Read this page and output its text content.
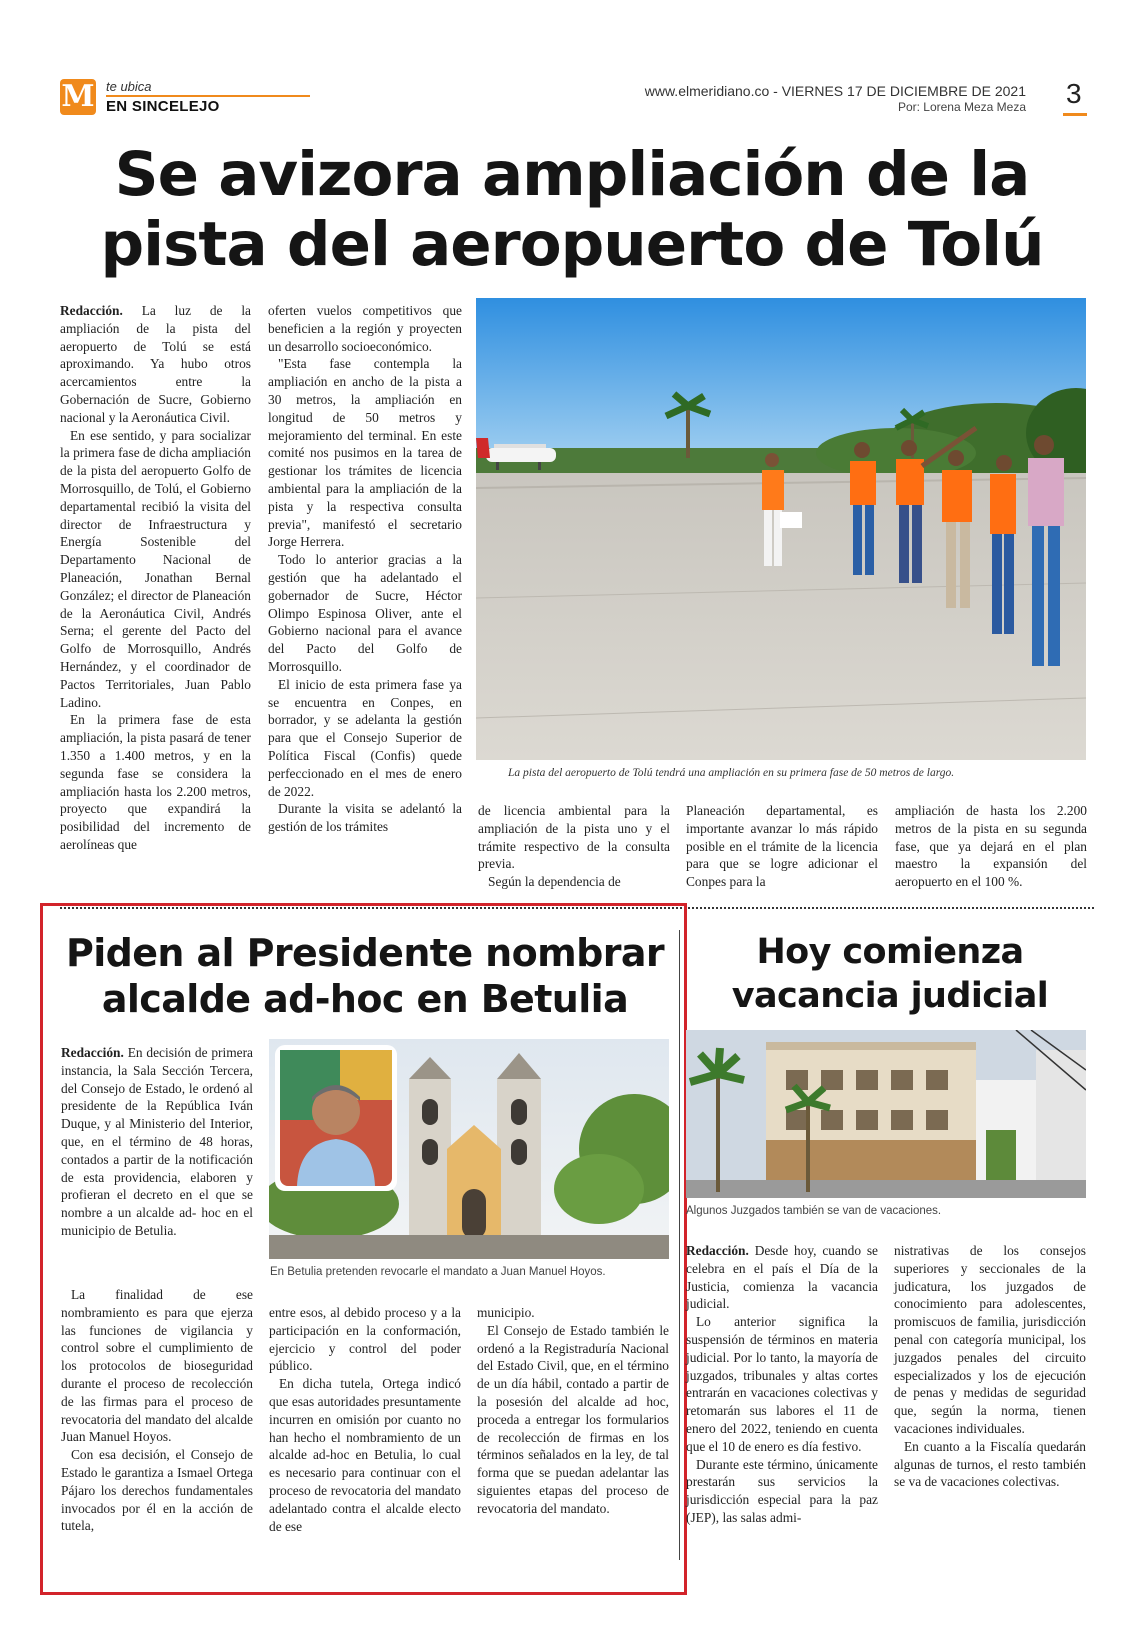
M te ubica
EN SINCELEJO
www.elmeridiano.co - VIERNES 17 DE DICIEMBRE DE 2021
Por: Lorena Meza Meza 3
Se avizora ampliación de la
pista del aeropuerto de Tolú

Redacción. La luz de la ampliación de la pista del aeropuerto de Tolú se está aproximando. Ya hubo otros acercamientos entre la Gobernación de Sucre, Gobierno nacional y la Aeronáutica Civil.

En ese sentido, y para socializar la primera fase de dicha ampliación de la pista del aeropuerto Golfo de Morrosquillo, de Tolú, el Gobierno departamental recibió la visita del director de Infraestructura y Energía Sostenible del Departamento Nacional de Planeación, Jonathan Bernal González; el director de Planeación de la Aeronáutica Civil, Andrés Serna; el gerente del Pacto del Golfo de Morrosquillo, Andrés Hernández, y el coordinador de Pactos Territoriales, Juan Pablo Ladino.

En la primera fase de esta ampliación, la pista pasará de tener 1.350 a 1.400 metros, y en la segunda fase se considera la ampliación hasta los 2.200 metros, proyecto que expandirá la posibilidad del incremento de aerolíneas que

oferten vuelos competitivos que beneficien a la región y proyecten un desarrollo socioeconómico.

"Esta fase contempla la ampliación en ancho de la pista a 30 metros, la ampliación en longitud de 50 metros y mejoramiento del terminal. En este comité nos pusimos en la tarea de gestionar los trámites de licencia ambiental para la ampliación de la pista y la respectiva consulta previa", manifestó el secretario Jorge Herrera.

Todo lo anterior gracias a la gestión que ha adelantado el gobernador de Sucre, Héctor Olimpo Espinosa Oliver, ante el Gobierno nacional para el avance del Pacto del Golfo de Morrosquillo.

El inicio de esta primera fase ya se encuentra en Conpes, en borrador, y se adelanta la gestión para que el Consejo Superior de Política Fiscal (Confis) quede perfeccionado en el mes de enero de 2022.

Durante la visita se adelantó la gestión de los trámites

La pista del aeropuerto de Tolú tendrá una ampliación en su primera fase de 50 metros de largo.

de licencia ambiental para la ampliación de la pista uno y el trámite respectivo de la consulta previa.

Según la dependencia de

Planeación departamental, es importante avanzar lo más rápido posible en el trámite de la licencia para que se logre adicionar el Conpes para la

ampliación de hasta los 2.200 metros de la pista en su segunda fase, que ya dejará en el plan maestro la expansión del aeropuerto en el 100 %.

Piden al Presidente nombrar
alcalde ad-hoc en Betulia

Redacción. En decisión de primera instancia, la Sala Sección Tercera, del Consejo de Estado, le ordenó al presidente de la República Iván Duque, y al Ministerio del Interior, que, en el término de 48 horas, contados a partir de la notificación de esta providencia, elaboren y profieran el decreto en el que se nombre a un alcalde ad- hoc en el municipio de Betulia.

En Betulia pretenden revocarle el mandato a Juan Manuel Hoyos.

La finalidad de ese nombramiento es para que ejerza las funciones de vigilancia y control sobre el cumplimiento de los protocolos de bioseguridad durante el proceso de recolección de las firmas para el proceso de revocatoria del mandato del alcalde Juan Manuel Hoyos.

Con esa decisión, el Consejo de Estado le garantiza a Ismael Ortega Pájaro los derechos fundamentales invocados por él en la acción de tutela,

entre esos, al debido proceso y a la participación en la conformación, ejercicio y control del poder público.

En dicha tutela, Ortega indicó que esas autoridades presuntamente incurren en omisión por cuanto no han hecho el nombramiento de un alcalde ad-hoc en Betulia, lo cual es necesario para continuar con el proceso de revocatoria del mandato adelantado contra el alcalde electo de ese

municipio.

El Consejo de Estado también le ordenó a la Registraduría Nacional del Estado Civil, que, en el término de un día hábil, contado a partir de la posesión del alcalde ad hoc, proceda a entregar los formularios de recolección de firmas en los términos señalados en la ley, de tal forma que se puedan adelantar las siguientes etapas del proceso de revocatoria del mandato.

Hoy comienza
vacancia judicial
Algunos Juzgados también se van de vacaciones.

Redacción. Desde hoy, cuando se celebra en el país el Día de la Justicia, comienza la vacancia judicial.

Lo anterior significa la suspensión de términos en materia judicial. Por lo tanto, la mayoría de juzgados, tribunales y altas cortes entrarán en vacaciones colectivas y retomarán sus labores el 11 de enero del 2022, teniendo en cuenta que el 10 de enero es día festivo.

Durante este término, únicamente prestarán sus servicios la jurisdicción especial para la paz (JEP), las salas admi-

nistrativas de los consejos superiores y seccionales de la judicatura, los juzgados de conocimiento para adolescentes, promiscuos de familia, jurisdicción penal con categoría municipal, los juzgados penales del circuito especializados y los de ejecución de penas y medidas de seguridad que, según la norma, tienen vacaciones individuales.

En cuanto a la Fiscalía quedarán algunas de turnos, el resto también se va de vacaciones colectivas.
